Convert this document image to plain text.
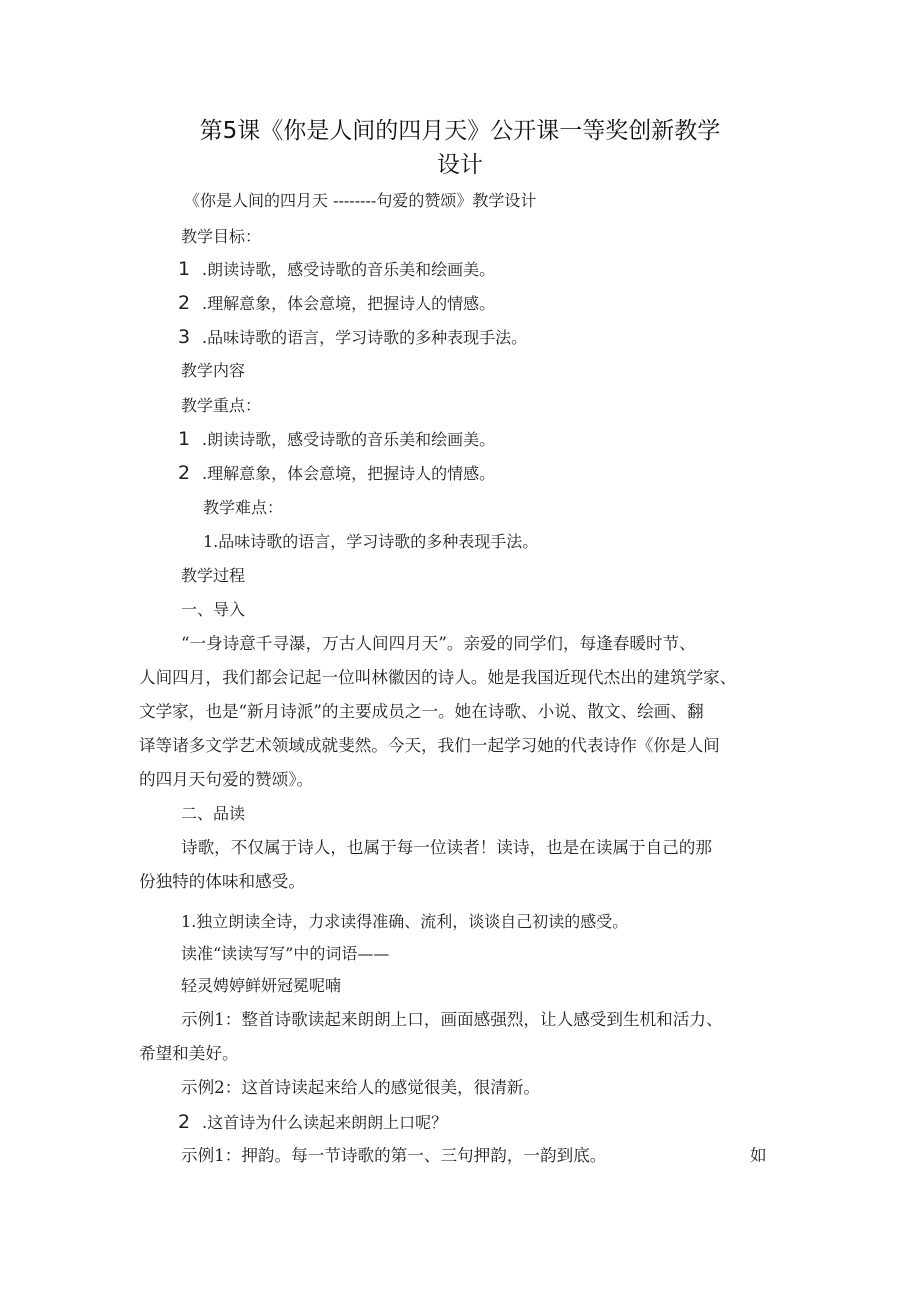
第5课《你是人间的四月天》公开课一等奖创新教学
设计
《你是人间的四月天 --------句爱的赞颂》教学设计
教学目标：
1 .朗读诗歌，感受诗歌的音乐美和绘画美。
2 .理解意象，体会意境，把握诗人的情感。
3 .品味诗歌的语言，学习诗歌的多种表现手法。
教学内容
教学重点：
1 .朗读诗歌，感受诗歌的音乐美和绘画美。
2 .理解意象，体会意境，把握诗人的情感。
教学难点：
1.品味诗歌的语言，学习诗歌的多种表现手法。
教学过程
一、导入
“一身诗意千寻瀑，万古人间四月天”。亲爱的同学们，每逢春暖时节、
人间四月，我们都会记起一位叫林徽因的诗人。她是我国近现代杰出的建筑学家、
文学家，也是“新月诗派”的主要成员之一。她在诗歌、小说、散文、绘画、翻
译等诸多文学艺术领域成就斐然。今天，我们一起学习她的代表诗作《你是人间
的四月天句爱的赞颂》。
二、品读
诗歌，不仅属于诗人，也属于每一位读者！读诗，也是在读属于自己的那
份独特的体味和感受。
1.独立朗读全诗，力求读得准确、流利，谈谈自己初读的感受。
读准“读读写写”中的词语——
轻灵娉婷鲜妍冠冕呢喃
示例1：整首诗歌读起来朗朗上口，画面感强烈，让人感受到生机和活力、
希望和美好。
示例2：这首诗读起来给人的感觉很美，很清新。
2 .这首诗为什么读起来朗朗上口呢？
示例1：押韵。每一节诗歌的第一、三句押韵，一韵到底。	如
